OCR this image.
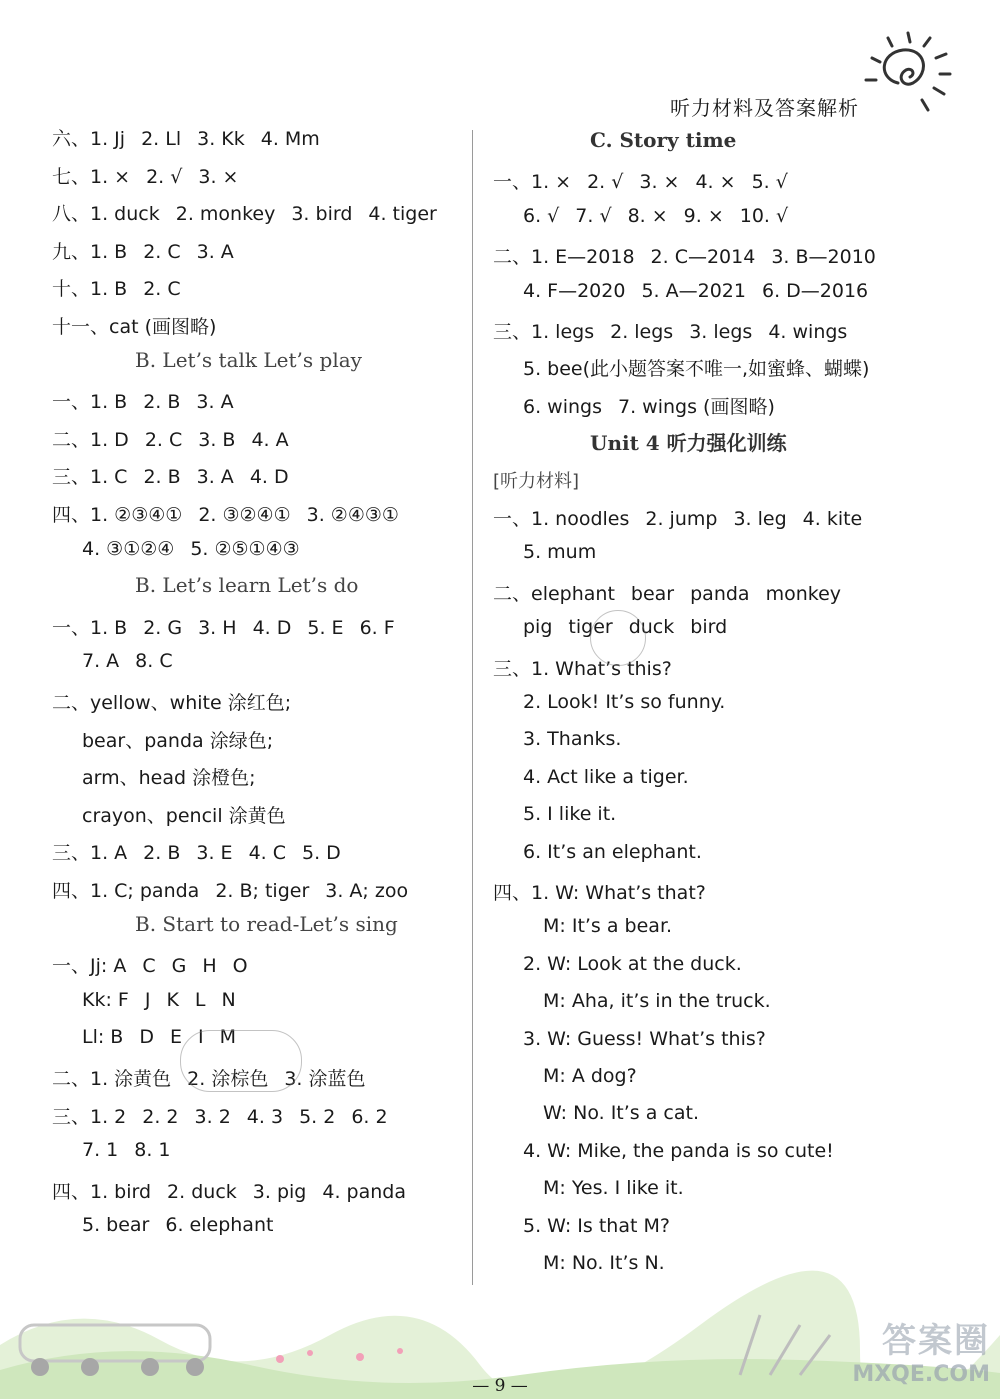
听力材料及答案解析
六、1. Jj 2. Ll 3. Kk 4. Mm
七、1. × 2. √ 3. ×
八、1. duck 2. monkey 3. bird 4. tiger
九、1. B 2. C 3. A
十、1. B 2. C
十一、cat (画图略)
B. Let’s talk Let’s play
一、1. B 2. B 3. A
二、1. D 2. C 3. B 4. A
三、1. C 2. B 3. A 4. D
四、1. ②③④① 2. ③②④① 3. ②④③①
4. ③①②④ 5. ②⑤①④③
B. Let’s learn Let’s do
一、1. B 2. G 3. H 4. D 5. E 6. F
7. A 8. C
二、yellow、white 涂红色;
bear、panda 涂绿色;
arm、head 涂橙色;
crayon、pencil 涂黄色
三、1. A 2. B 3. E 4. C 5. D
四、1. C; panda 2. B; tiger 3. A; zoo
B. Start to read-Let’s sing
一、Jj: A C G H O
Kk: F J K L N
Ll: B D E I M
二、1. 涂黄色 2. 涂棕色 3. 涂蓝色
三、1. 2 2. 2 3. 2 4. 3 5. 2 6. 2
7. 1 8. 1
四、1. bird 2. duck 3. pig 4. panda
5. bear 6. elephant
C. Story time
一、1. × 2. √ 3. × 4. × 5. √
6. √ 7. √ 8. × 9. × 10. √
二、1. E—2018 2. C—2014 3. B—2010
4. F—2020 5. A—2021 6. D—2016
三、1. legs 2. legs 3. legs 4. wings
5. bee(此小题答案不唯一,如蜜蜂、蝴蝶)
6. wings 7. wings (画图略)
Unit 4 听力强化训练
[听力材料]
一、1. noodles 2. jump 3. leg 4. kite
5. mum
二、elephant bear panda monkey
pig tiger duck bird
三、1. What’s this?
2. Look! It’s so funny.
3. Thanks.
4. Act like a tiger.
5. I like it.
6. It’s an elephant.
四、1. W: What’s that?
M: It’s a bear.
2. W: Look at the duck.
M: Aha, it’s in the truck.
3. W: Guess! What’s this?
M: A dog?
W: No. It’s a cat.
4. W: Mike, the panda is so cute!
M: Yes. I like it.
5. W: Is that M?
M: No. It’s N.
— 9 —
答案圈
MXQE.COM
